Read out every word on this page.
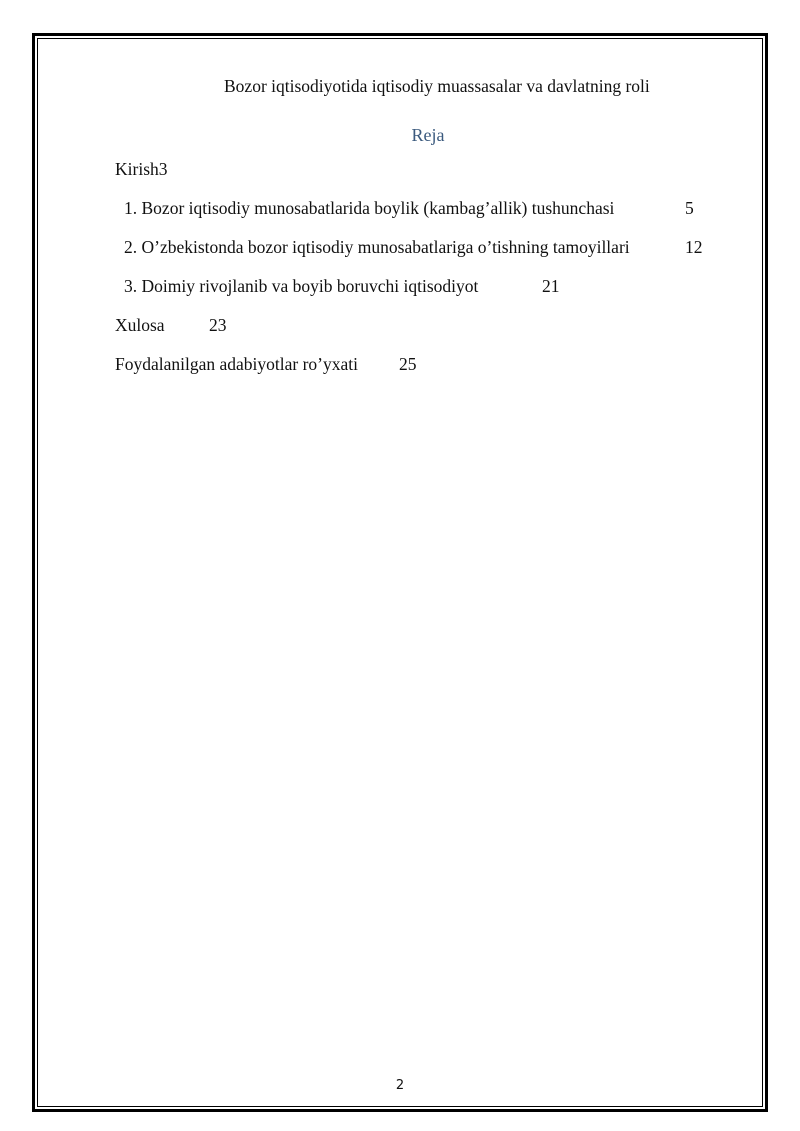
Bozor iqtisodiyotida iqtisodiy muassasalar va davlatning roli
Reja
Kirish3
1. Bozor iqtisodiy munosabatlarida boylik (kambag’allik) tushunchasi	5
2. O’zbekistonda bozor iqtisodiy munosabatlariga o’tishning tamoyillari	12
3. Doimiy rivojlanib va boyib boruvchi iqtisodiyot	21
Xulosa	23
Foydalanilgan adabiyotlar ro’yxati 25
2
